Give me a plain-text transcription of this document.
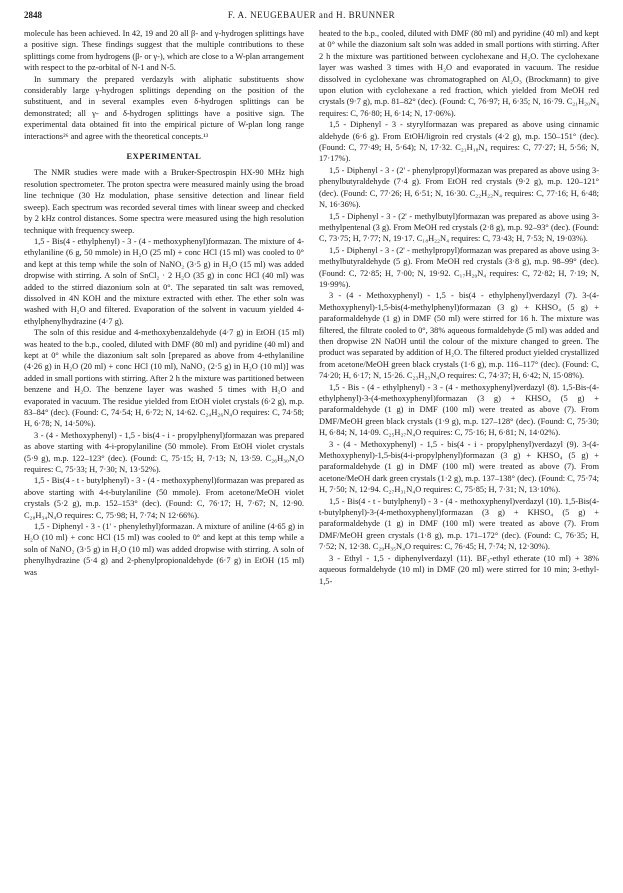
2848	F. A. NEUGEBAUER and H. BRUNNER

molecule has been achieved. In 42, 19 and 20 all β- and γ-hydrogen splittings have a positive sign. These findings suggest that the multiple contributions to these splittings come from hydrogens (β- or γ-), which are close to a W-plan arrangement with respect to the pz-orbital of N-1 and N-5.

In summary the prepared verdazyls with aliphatic substituents show considerably large γ-hydrogen splittings depending on the position of the substituent, and in several examples even δ-hydrogen splittings can be demonstrated; all γ- and δ-hydrogen splittings have a positive sign. The experimental data obtained fit into the empirical picture of W-plan long range interactions²⁶ and agree with the theoretical concepts.¹³

EXPERIMENTAL

The NMR studies were made with a Bruker-Spectrospin HX-90 MHz high resolution spectrometer. The proton spectra were measured mainly using the broad line technique (30 Hz modulation, phase sensitive detection and linear field sweep). Each spectrum was recorded several times with linear sweep and checked by 2 kHz control distances. Some spectra were measured using the high resolution technique with frequency sweep.

1,5 - Bis(4 - ethylphenyl) - 3 - (4 - methoxyphenyl)formazan. The mixture of 4-ethylaniline (6 g, 50 mmole) in H₂O (25 ml) + conc HCl (15 ml) was cooled to 0° and kept at this temp while the soln of NaNO₂ (3·5 g) in H₂O (15 ml) was added dropwise with stirring. A soln of SnCl₂ · 2 H₂O (35 g) in conc HCl (40 ml) was added to the stirred diazonium soln at 0°. The separated tin salt was removed, dissolved in 4N KOH and the mixture extracted with ether. The ether soln was washed with H₂O and filtered. Evaporation of the solvent in vacuum yielded 4-ethylphenylhydrazine (4·7 g).

The soln of this residue and 4-methoxybenzaldehyde (4·7 g) in EtOH (15 ml) was heated to the b.p., cooled, diluted with DMF (80 ml) and pyridine (40 ml) and kept at 0° while the diazonium salt soln [prepared as above from 4-ethylaniline (4·26 g) in H₂O (20 ml) + conc HCl (10 ml), NaNO₂ (2·5 g) in H₂O (10 ml)] was added in small portions with stirring. After 2 h the mixture was partitioned between benzene and H₂O. The benzene layer was washed 5 times with H₂O and evaporated in vacuum. The residue yielded from EtOH violet crystals (6·2 g), m.p. 83–84° (dec). (Found: C, 74·54; H, 6·72; N, 14·62. C₂₄H₂₆N₄O requires: C, 74·58; H, 6·78; N, 14·50%).

3 - (4 - Methoxyphenyl) - 1,5 - bis(4 - i - propylphenyl)formazan was prepared as above starting with 4-i-propylaniline (50 mmole). From EtOH violet crystals (5·9 g), m.p. 122–123° (dec). (Found: C, 75·15; H, 7·13; N, 13·59. C₂₆H₃₀N₄O requires: C, 75·33; H, 7·30; N, 13·52%).

1,5 - Bis(4 - t - butylphenyl) - 3 - (4 - methoxyphenyl)formazan was prepared as above starting with 4-t-butylaniline (50 mmole). From acetone/MeOH violet crystals (5·2 g), m.p. 152–153° (dec). (Found: C, 76·17; H, 7·67; N, 12·90. C₂₈H₃₄N₄O requires: C, 75·98; H, 7·74; N 12·66%).

1,5 - Diphenyl - 3 - (1' - phenylethyl)formazan. A mixture of aniline (4·65 g) in H₂O (10 ml) + conc HCl (15 ml) was cooled to 0° and kept at this temp while a soln of NaNO₂ (3·5 g) in H₂O (10 ml) was added dropwise with stirring. A soln of phenylhydrazine (5·4 g) and 2-phenylpropionaldehyde (6·7 g) in EtOH (15 ml) was

heated to the b.p., cooled, diluted with DMF (80 ml) and pyridine (40 ml) and kept at 0° while the diazonium salt soln was added in small portions with stirring. After 2 h the mixture was partitioned between cyclohexane and H₂O. The cyclohexane layer was washed 3 times with H₂O and evaporated in vacuum. The residue dissolved in cyclohexane was chromatographed on Al₂O₃ (Brockmann) to give upon elution with cyclohexane a red fraction, which yielded from MeOH red crystals (9·7 g), m.p. 81–82° (dec). (Found: C, 76·97; H, 6·35; N, 16·79. C₂₁H₂₀N₄ requires: C, 76·80; H, 6·14; N, 17·06%).

1,5 - Diphenyl - 3 - styrylformazan was prepared as above using cinnamic aldehyde (6·6 g). From EtOH/ligroin red crystals (4·2 g), m.p. 150–151° (dec). (Found: C, 77·49; H, 5·64); N, 17·32. C₂₁H₁₈N₄ requires: C, 77·27; H, 5·56; N, 17·17%).

1,5 - Diphenyl - 3 - (2' - phenylpropyl)formazan was prepared as above using 3-phenylbutyraldehyde (7·4 g). From EtOH red crystals (9·2 g), m.p. 120–121° (dec). (Found: C, 77·26; H, 6·51; N, 16·30. C₂₂H₂₂N₄ requires: C, 77·16; H, 6·48; N, 16·36%).

1,5 - Diphenyl - 3 - (2' - methylbutyl)formazan was prepared as above using 3-methylpentenal (3 g). From MeOH red crystals (2·8 g), m.p. 92–93° (dec). (Found: C, 73·75; H, 7·77; N, 19·17. C₁₈H₂₂N₄ requires: C, 73·43; H, 7·53; N, 19·03%).

1,5 - Diphenyl - 3 - (2' - methylpropyl)formazan was prepared as above using 3-methylbutyraldehyde (5 g). From MeOH red crystals (3·8 g), m.p. 98–99° (dec). (Found: C, 72·85; H, 7·00; N, 19·92. C₁₇H₂₀N₄ requires: C, 72·82; H, 7·19; N, 19·99%).

3 - (4 - Methoxyphenyl) - 1,5 - bis(4 - ethylphenyl)verdazyl (7). 3-(4-Methoxyphenyl)-1,5-bis(4-methylphenyl)formazan (3 g) + KHSO₄ (5 g) + paraformaldehyde (1 g) in DMF (50 ml) were stirred for 16 h. The mixture was filtered, the filtrate cooled to 0°, 38% aqueous formaldehyde (5 ml) was added and then dropwise 2N NaOH until the colour of the mixture changed to green. The product was separated by addition of H₂O. The filtered product yielded crystallized from acetone/MeOH green black crystals (1·6 g), m.p. 116–117° (dec). (Found: C, 74·20; H, 6·17; N, 15·26. C₂₃H₂₃N₄O requires: C, 74·37; H, 6·42; N, 15·08%).

1,5 - Bis - (4 - ethylphenyl) - 3 - (4 - methoxyphenyl)verdazyl (8). 1,5-Bis-(4-ethylphenyl)-3-(4-methoxyphenyl)formazan (3 g) + KHSO₄ (5 g) + paraformaldehyde (1 g) in DMF (100 ml) were treated as above (7). From DMF/MeOH green black crystals (1·9 g), m.p. 127–128° (dec). (Found: C, 75·30; H, 6·84; N, 14·09. C₂₅H₂₇N₄O requires: C, 75·16; H, 6·81; N, 14·02%).

3 - (4 - Methoxyphenyl) - 1,5 - bis(4 - i - propylphenyl)verdazyl (9). 3-(4-Methoxyphenyl)-1,5-bis(4-i-propylphenyl)formazan (3 g) + KHSO₄ (5 g) + paraformaldehyde (1 g) in DMF (100 ml) were treated as above (7). From acetone/MeOH dark green crystals (1·2 g), m.p. 137–138° (dec). (Found: C, 75·74; H, 7·50; N, 12·94. C₂₇H₃₁N₄O requires: C, 75·85; H, 7·31; N, 13·10%).

1,5 - Bis(4 - t - butylphenyl) - 3 - (4 - methoxyphenyl)verdazyl (10). 1,5-Bis(4-t-butylphenyl)-3-(4-methoxyphenyl)formazan (3 g) + KHSO₄ (5 g) + paraformaldehyde (1 g) in DMF (100 ml) were treated as above (7). From DMF/MeOH green crystals (1·8 g), m.p. 171–172° (dec). (Found: C, 76·35; H, 7·52; N, 12·38. C₂₉H₃₅N₄O requires: C, 76·45; H, 7·74; N, 12·30%).

3 - Ethyl - 1,5 - diphenylverdazyl (11). BF₃-ethyl etherate (10 ml) + 38% aqueous formaldehyde (10 ml) in DMF (20 ml) were stirred for 10 min; 3-ethyl-1,5-
